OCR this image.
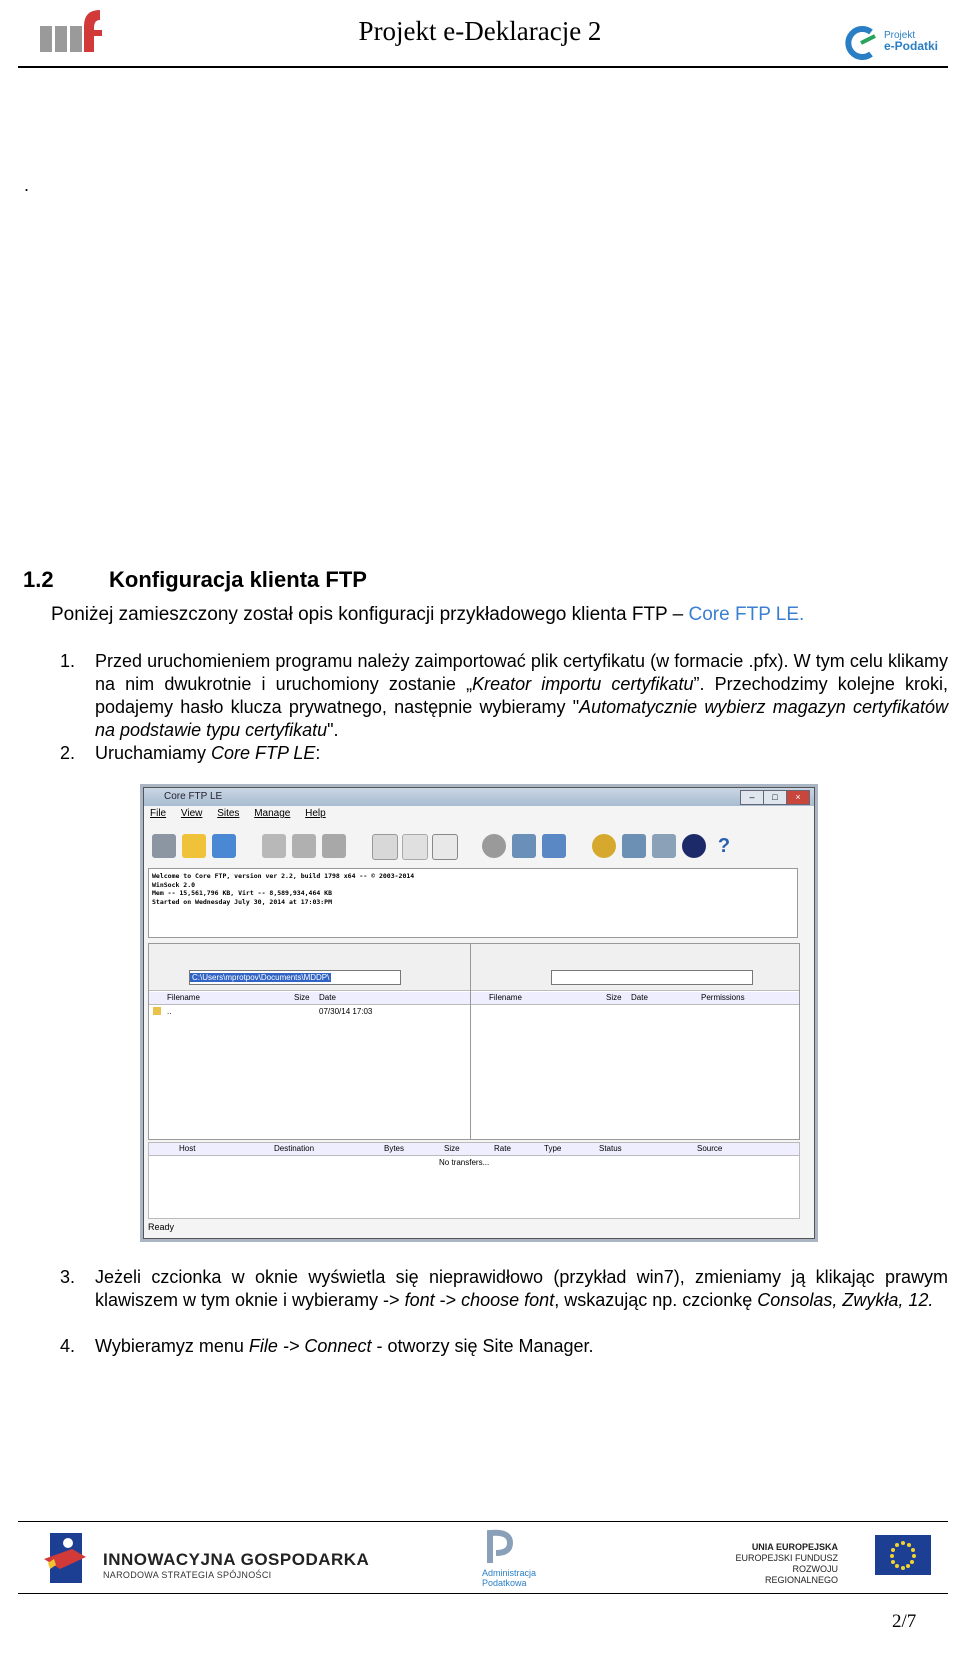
Projekt e-Deklaracje 2	Projekt
e-Podatki
.
1.2	Konfiguracja klienta FTP
Poniżej zamieszczony został opis konfiguracji przykładowego klienta FTP – Core FTP LE.
1. Przed uruchomieniem programu należy zaimportować plik certyfikatu (w formacie .pfx). W tym celu klikamy na nim dwukrotnie i uruchomiony zostanie „Kreator importu certyfikatu”. Przechodzimy kolejne kroki, podajemy hasło klucza prywatnego, następnie wybieramy "Automatycznie wybierz magazyn certyfikatów na podstawie typu certyfikatu".
2. Uruchamiamy Core FTP LE:
Core FTP LE	–	□	×
File View Sites Manage Help
?
Welcome to Core FTP, version ver 2.2, build 1798 x64 -- © 2003-2014
WinSock 2.0
Mem -- 15,561,796 KB, Virt -- 8,589,934,464 KB
Started on Wednesday July 30, 2014 at 17:03:PM
C:\Users\mprotpov\Documents\MDDP\
Filename	Size Date
..	07/30/14 17:03
Filename	Size Date	Permissions
Host	Destination	Bytes	Size	Rate	Type	Status	Source
No transfers...
Ready
3. Jeżeli czcionka w oknie wyświetla się nieprawidłowo (przykład win7), zmieniamy ją klikając prawym klawiszem w tym oknie i wybieramy -> font -> choose font, wskazując np. czcionkę Consolas, Zwykła, 12.
4. Wybieramyz menu File -> Connect - otworzy się Site Manager.
INNOWACYJNA GOSPODARKA
NARODOWA STRATEGIA SPÓJNOŚCI	Administracja
Podatkowa
UNIA EUROPEJSKA
EUROPEJSKI FUNDUSZ
ROZWOJU REGIONALNEGO
2/7
